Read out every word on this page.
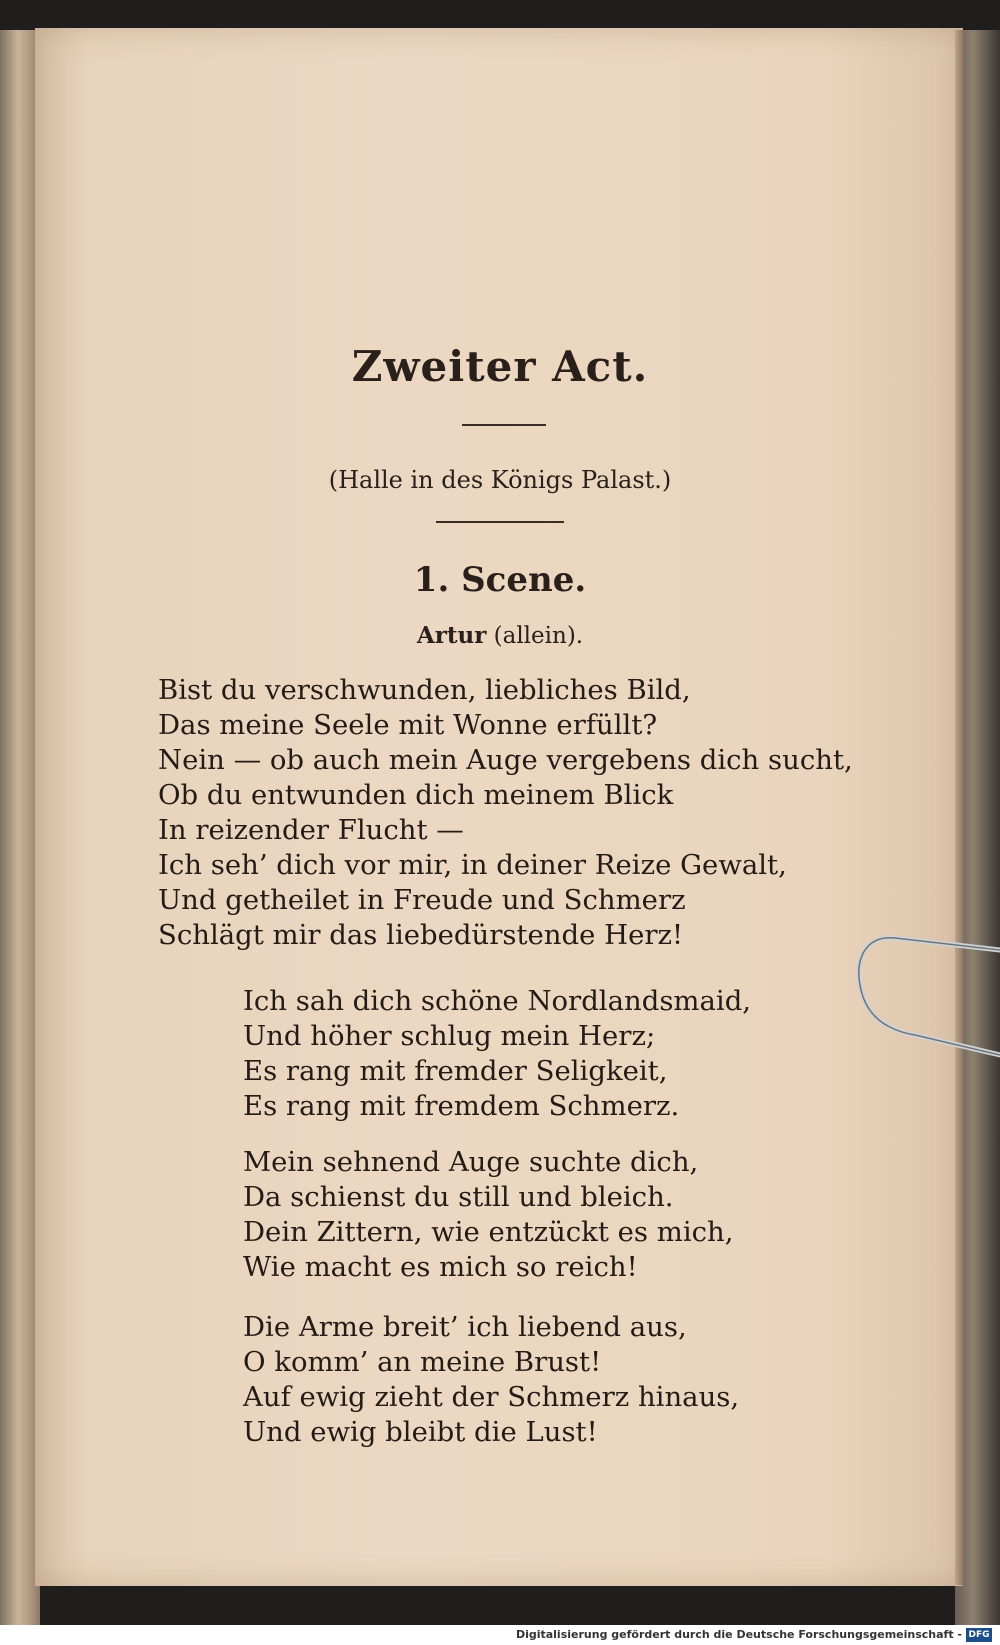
Zweiter Act.
(Halle in des Königs Palast.)
1. Scene.
Artur (allein).
Bist du verschwunden, liebliches Bild,
Das meine Seele mit Wonne erfüllt?
Nein — ob auch mein Auge vergebens dich sucht,
Ob du entwunden dich meinem Blick
In reizender Flucht —
Ich seh’ dich vor mir, in deiner Reize Gewalt,
Und getheilet in Freude und Schmerz
Schlägt mir das liebedürstende Herz!
Ich sah dich schöne Nordlandsmaid,
Und höher schlug mein Herz;
Es rang mit fremder Seligkeit,
Es rang mit fremdem Schmerz.
Mein sehnend Auge suchte dich,
Da schienst du still und bleich.
Dein Zittern, wie entzückt es mich,
Wie macht es mich so reich!
Die Arme breit’ ich liebend aus,
O komm’ an meine Brust!
Auf ewig zieht der Schmerz hinaus,
Und ewig bleibt die Lust!
Digitalisierung gefördert durch die Deutsche Forschungsgemeinschaft - DFG
